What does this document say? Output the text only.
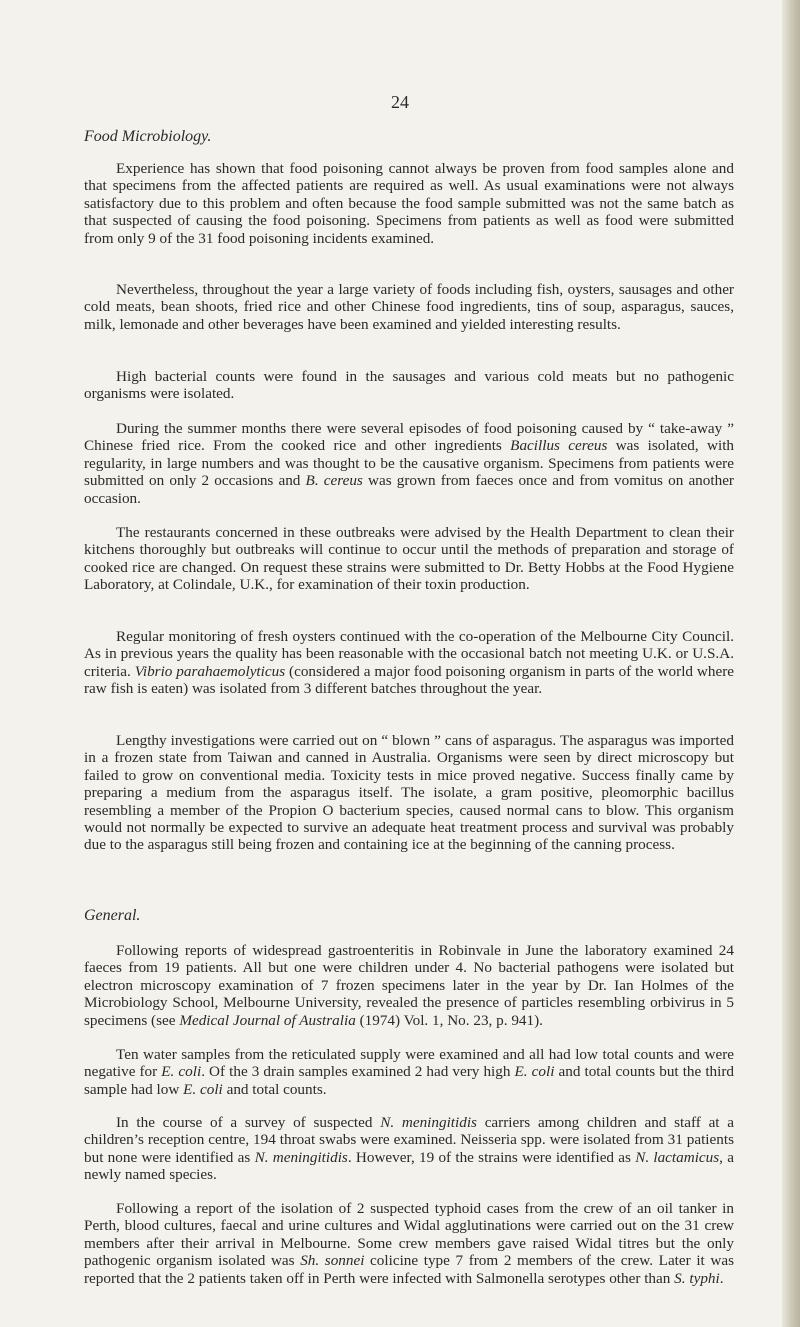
24
Food Microbiology.

Experience has shown that food poisoning cannot always be proven from food samples alone and that specimens from the affected patients are required as well. As usual examinations were not always satisfactory due to this problem and often because the food sample submitted was not the same batch as that suspected of causing the food poisoning. Specimens from patients as well as food were submitted from only 9 of the 31 food poisoning incidents examined.

Nevertheless, throughout the year a large variety of foods including fish, oysters, sausages and other cold meats, bean shoots, fried rice and other Chinese food ingredients, tins of soup, asparagus, sauces, milk, lemonade and other beverages have been examined and yielded interesting results.

High bacterial counts were found in the sausages and various cold meats but no pathogenic organisms were isolated.

During the summer months there were several episodes of food poisoning caused by “ take-away ” Chinese fried rice. From the cooked rice and other ingredients Bacillus cereus was isolated, with regularity, in large numbers and was thought to be the causative organism. Specimens from patients were submitted on only 2 occasions and B. cereus was grown from faeces once and from vomitus on another occasion.

The restaurants concerned in these outbreaks were advised by the Health Department to clean their kitchens thoroughly but outbreaks will continue to occur until the methods of preparation and storage of cooked rice are changed. On request these strains were submitted to Dr. Betty Hobbs at the Food Hygiene Laboratory, at Colindale, U.K., for examination of their toxin production.

Regular monitoring of fresh oysters continued with the co-operation of the Melbourne City Council. As in previous years the quality has been reasonable with the occasional batch not meeting U.K. or U.S.A. criteria. Vibrio parahaemolyticus (considered a major food poisoning organism in parts of the world where raw fish is eaten) was isolated from 3 different batches throughout the year.

Lengthy investigations were carried out on “ blown ” cans of asparagus. The asparagus was imported in a frozen state from Taiwan and canned in Australia. Organisms were seen by direct microscopy but failed to grow on conventional media. Toxicity tests in mice proved negative. Success finally came by preparing a medium from the asparagus itself. The isolate, a gram positive, pleomorphic bacillus resembling a member of the Propion O bacterium species, caused normal cans to blow. This organism would not normally be expected to survive an adequate heat treatment process and survival was probably due to the asparagus still being frozen and containing ice at the beginning of the canning process.

General.

Following reports of widespread gastroenteritis in Robinvale in June the laboratory examined 24 faeces from 19 patients. All but one were children under 4. No bacterial pathogens were isolated but electron microscopy examination of 7 frozen specimens later in the year by Dr. Ian Holmes of the Microbiology School, Melbourne University, revealed the presence of particles resembling orbivirus in 5 specimens (see Medical Journal of Australia (1974) Vol. 1, No. 23, p. 941).

Ten water samples from the reticulated supply were examined and all had low total counts and were negative for E. coli. Of the 3 drain samples examined 2 had very high E. coli and total counts but the third sample had low E. coli and total counts.

In the course of a survey of suspected N. meningitidis carriers among children and staff at a children’s reception centre, 194 throat swabs were examined. Neisseria spp. were isolated from 31 patients but none were identified as N. meningitidis. However, 19 of the strains were identified as N. lactamicus, a newly named species.

Following a report of the isolation of 2 suspected typhoid cases from the crew of an oil tanker in Perth, blood cultures, faecal and urine cultures and Widal agglutinations were carried out on the 31 crew members after their arrival in Melbourne. Some crew members gave raised Widal titres but the only pathogenic organism isolated was Sh. sonnei colicine type 7 from 2 members of the crew. Later it was reported that the 2 patients taken off in Perth were infected with Salmonella serotypes other than S. typhi.
